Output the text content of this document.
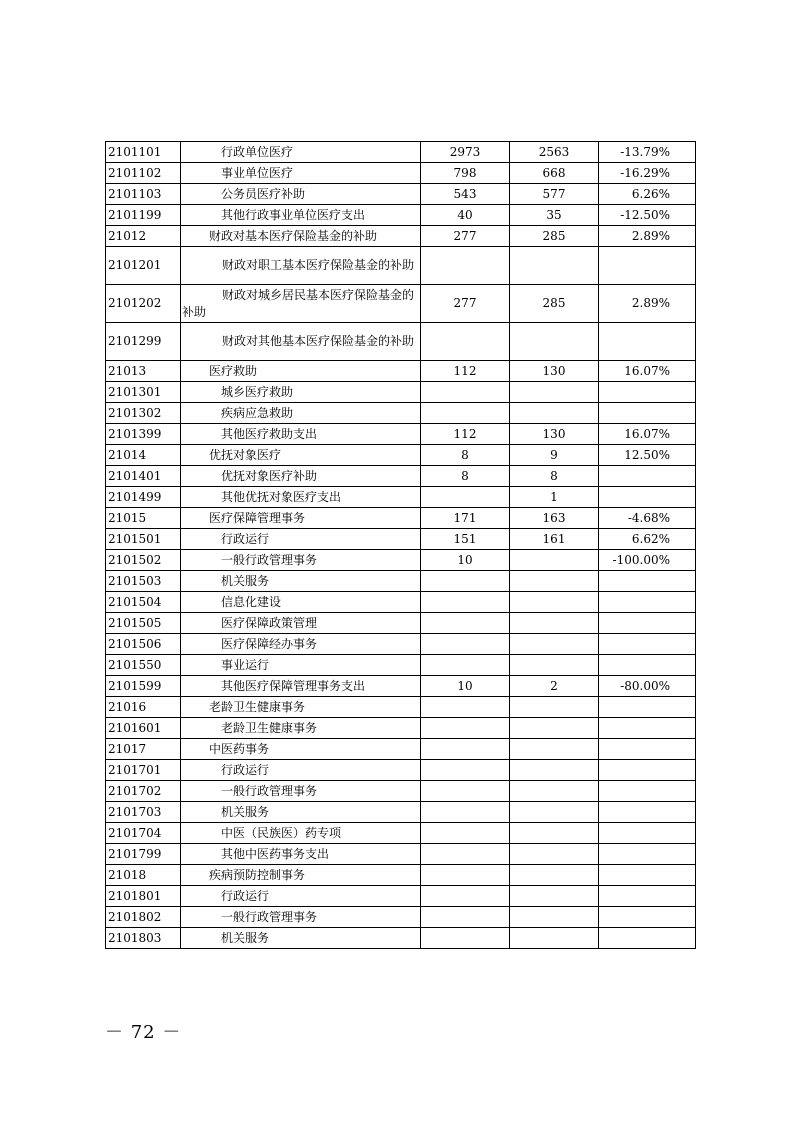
2101101	行政单位医疗	2973	2563	-13.79%
2101102	事业单位医疗	798	668	-16.29%
2101103	公务员医疗补助	543	577	6.26%
2101199	其他行政事业单位医疗支出	40	35	-12.50%
21012	财政对基本医疗保险基金的补助	277	285	2.89%
2101201	财政对职工基本医疗保险基金的补助			
2101202	财政对城乡居民基本医疗保险基金的补助	277	285	2.89%
2101299	财政对其他基本医疗保险基金的补助			
21013	医疗救助	112	130	16.07%
2101301	城乡医疗救助			
2101302	疾病应急救助			
2101399	其他医疗救助支出	112	130	16.07%
21014	优抚对象医疗	8	9	12.50%
2101401	优抚对象医疗补助	8	8	
2101499	其他优抚对象医疗支出		1	
21015	医疗保障管理事务	171	163	-4.68%
2101501	行政运行	151	161	6.62%
2101502	一般行政管理事务	10		-100.00%
2101503	机关服务			
2101504	信息化建设			
2101505	医疗保障政策管理			
2101506	医疗保障经办事务			
2101550	事业运行			
2101599	其他医疗保障管理事务支出	10	2	-80.00%
21016	老龄卫生健康事务			
2101601	老龄卫生健康事务			
21017	中医药事务			
2101701	行政运行			
2101702	一般行政管理事务			
2101703	机关服务			
2101704	中医（民族医）药专项			
2101799	其他中医药事务支出			
21018	疾病预防控制事务			
2101801	行政运行			
2101802	一般行政管理事务			
2101803	机关服务			
－ 72 －
